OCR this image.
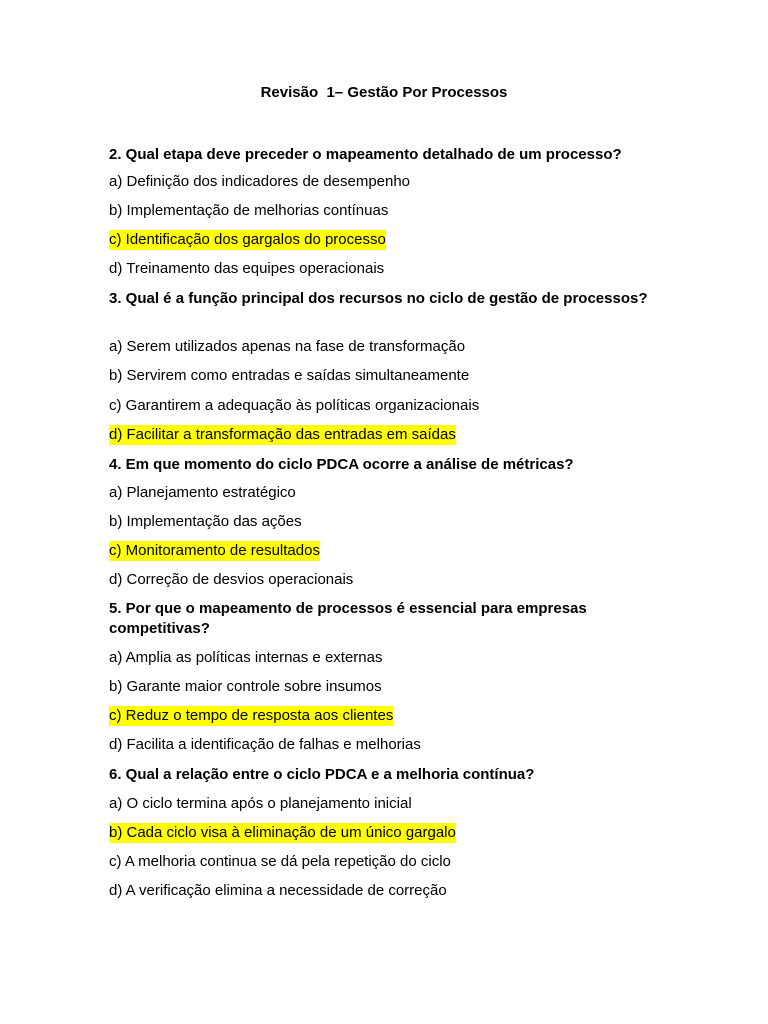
Revisão  1– Gestão Por Processos
2. Qual etapa deve preceder o mapeamento detalhado de um processo?
a) Definição dos indicadores de desempenho
b) Implementação de melhorias contínuas
c) Identificação dos gargalos do processo
d) Treinamento das equipes operacionais
3. Qual é a função principal dos recursos no ciclo de gestão de processos?
a) Serem utilizados apenas na fase de transformação
b) Servirem como entradas e saídas simultaneamente
c) Garantirem a adequação às políticas organizacionais
d) Facilitar a transformação das entradas em saídas
4. Em que momento do ciclo PDCA ocorre a análise de métricas?
a) Planejamento estratégico
b) Implementação das ações
c) Monitoramento de resultados
d) Correção de desvios operacionais
5. Por que o mapeamento de processos é essencial para empresas competitivas?
a) Amplia as políticas internas e externas
b) Garante maior controle sobre insumos
c) Reduz o tempo de resposta aos clientes
d) Facilita a identificação de falhas e melhorias
6. Qual a relação entre o ciclo PDCA e a melhoria contínua?
a) O ciclo termina após o planejamento inicial
b) Cada ciclo visa à eliminação de um único gargalo
c) A melhoria continua se dá pela repetição do ciclo
d) A verificação elimina a necessidade de correção
